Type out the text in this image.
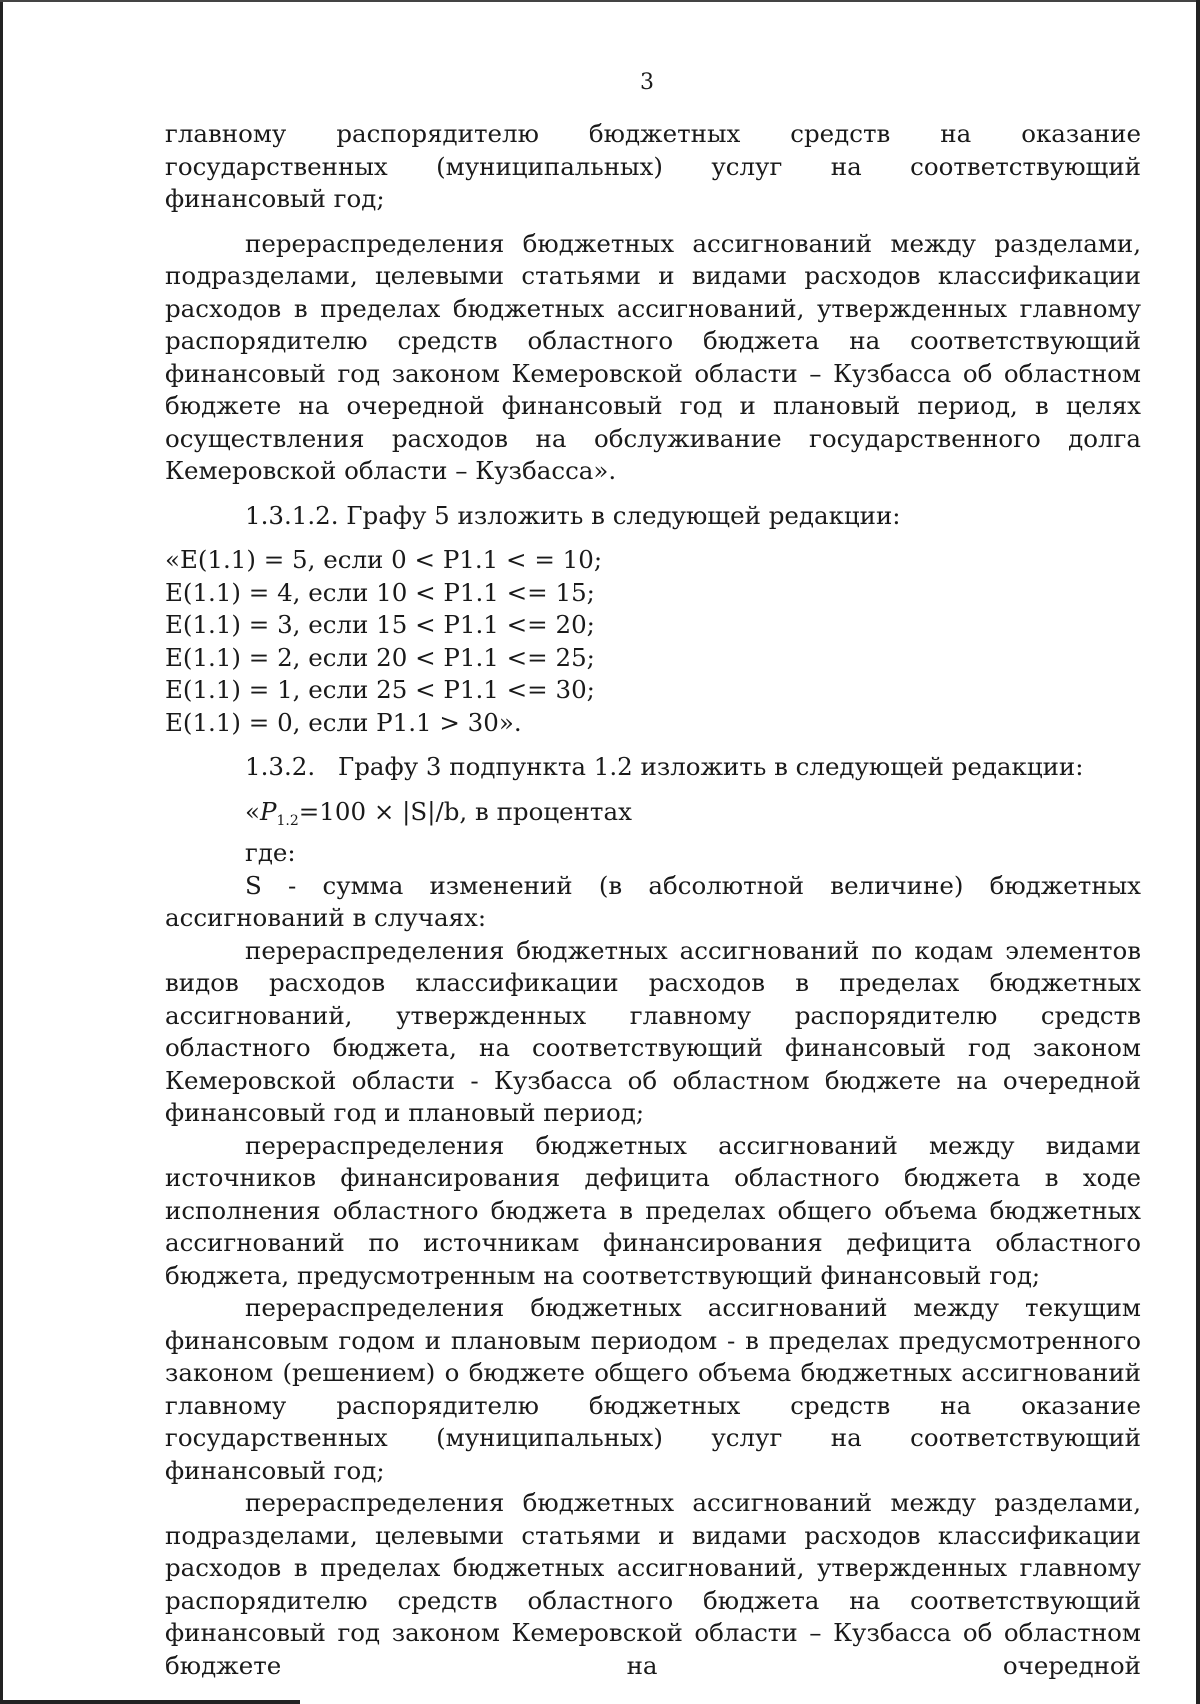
3

главному распорядителю бюджетных средств на оказание государственных (муниципальных) услуг на соответствующий финансовый год;

перераспределения бюджетных ассигнований между разделами, подразделами, целевыми статьями и видами расходов классификации расходов в пределах бюджетных ассигнований, утвержденных главному распорядителю средств областного бюджета на соответствующий финансовый год законом Кемеровской области – Кузбасса об областном бюджете на очередной финансовый год и плановый период, в целях осуществления расходов на обслуживание государственного долга Кемеровской области – Кузбасса».

1.3.1.2. Графу 5 изложить в следующей редакции:

«E(1.1) = 5, если 0 < P1.1 < = 10;

E(1.1) = 4, если 10 < P1.1 <= 15;

E(1.1) = 3, если 15 < P1.1 <= 20;

E(1.1) = 2, если 20 < P1.1 <= 25;

E(1.1) = 1, если 25 < P1.1 <= 30;

E(1.1) = 0, если P1.1 > 30».

1.3.2. Графу 3 подпункта 1.2 изложить в следующей редакции:

«$P_{1.2}=100 \times |S|/b$, в процентах

где:

S - сумма изменений (в абсолютной величине) бюджетных ассигнований в случаях:

перераспределения бюджетных ассигнований по кодам элементов видов расходов классификации расходов в пределах бюджетных ассигнований, утвержденных главному распорядителю средств областного бюджета, на соответствующий финансовый год законом Кемеровской области - Кузбасса об областном бюджете на очередной финансовый год и плановый период;

перераспределения бюджетных ассигнований между видами источников финансирования дефицита областного бюджета в ходе исполнения областного бюджета в пределах общего объема бюджетных ассигнований по источникам финансирования дефицита областного бюджета, предусмотренным на соответствующий финансовый год;

перераспределения бюджетных ассигнований между текущим финансовым годом и плановым периодом - в пределах предусмотренного законом (решением) о бюджете общего объема бюджетных ассигнований главному распорядителю бюджетных средств на оказание государственных (муниципальных) услуг на соответствующий финансовый год;

перераспределения бюджетных ассигнований между разделами, подразделами, целевыми статьями и видами расходов классификации расходов в пределах бюджетных ассигнований, утвержденных главному распорядителю средств областного бюджета на соответствующий финансовый год законом Кемеровской области – Кузбасса об областном бюджете на очередной
